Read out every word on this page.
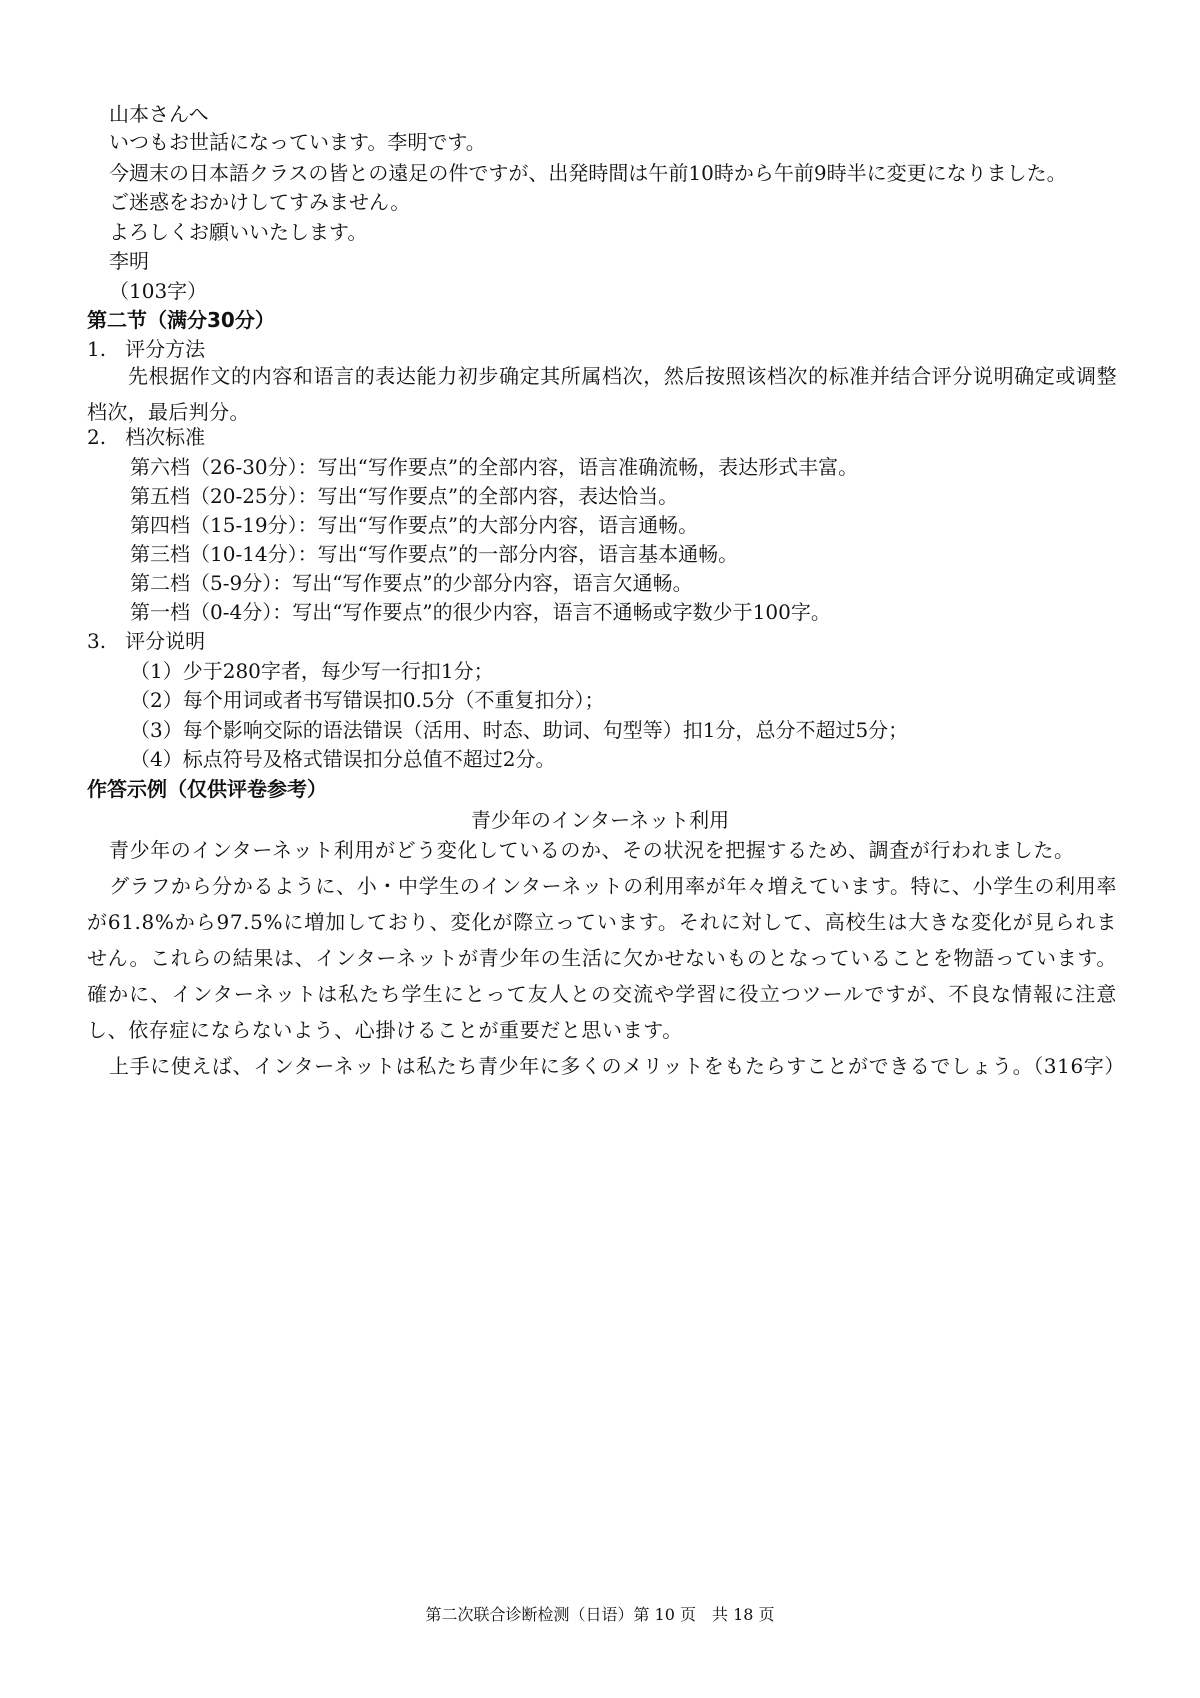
山本さんへ
いつもお世話になっています。李明です。
今週末の日本語クラスの皆との遠足の件ですが、出発時間は午前10時から午前9時半に変更になりました。
ご迷惑をおかけしてすみません。
よろしくお願いいたします。
李明
（103字）
第二节（满分30分）
1.   评分方法
先根据作文的内容和语言的表达能力初步确定其所属档次，然后按照该档次的标准并结合评分说明确定或调整档次，最后判分。
2.   档次标准
第六档（26-30分）：写出“写作要点”的全部内容，语言准确流畅，表达形式丰富。
第五档（20-25分）：写出“写作要点”的全部内容，表达恰当。
第四档（15-19分）：写出“写作要点”的大部分内容，语言通畅。
第三档（10-14分）：写出“写作要点”的一部分内容，语言基本通畅。
第二档（5-9分）：写出“写作要点”的少部分内容，语言欠通畅。
第一档（0-4分）：写出“写作要点”的很少内容，语言不通畅或字数少于100字。
3.   评分说明
（1）少于280字者，每少写一行扣1分；
（2）每个用词或者书写错误扣0.5分（不重复扣分）；
（3）每个影响交际的语法错误（活用、时态、助词、句型等）扣1分，总分不超过5分；
（4）标点符号及格式错误扣分总值不超过2分。
作答示例（仅供评卷参考）
青少年のインターネット利用
青少年のインターネット利用がどう変化しているのか、その状況を把握するため、調査が行われました。
グラフから分かるように、小・中学生のインターネットの利用率が年々増えています。特に、小学生の利用率が61.8%から97.5%に増加しており、変化が際立っています。それに対して、高校生は大きな変化が見られません。これらの結果は、インターネットが青少年の生活に欠かせないものとなっていることを物語っています。確かに、インターネットは私たち学生にとって友人との交流や学習に役立つツールですが、不良な情報に注意し、依存症にならないよう、心掛けることが重要だと思います。
上手に使えば、インターネットは私たち青少年に多くのメリットをもたらすことができるでしょう。（316字）
第二次联合诊断检测（日语）第 10 页　共 18 页
